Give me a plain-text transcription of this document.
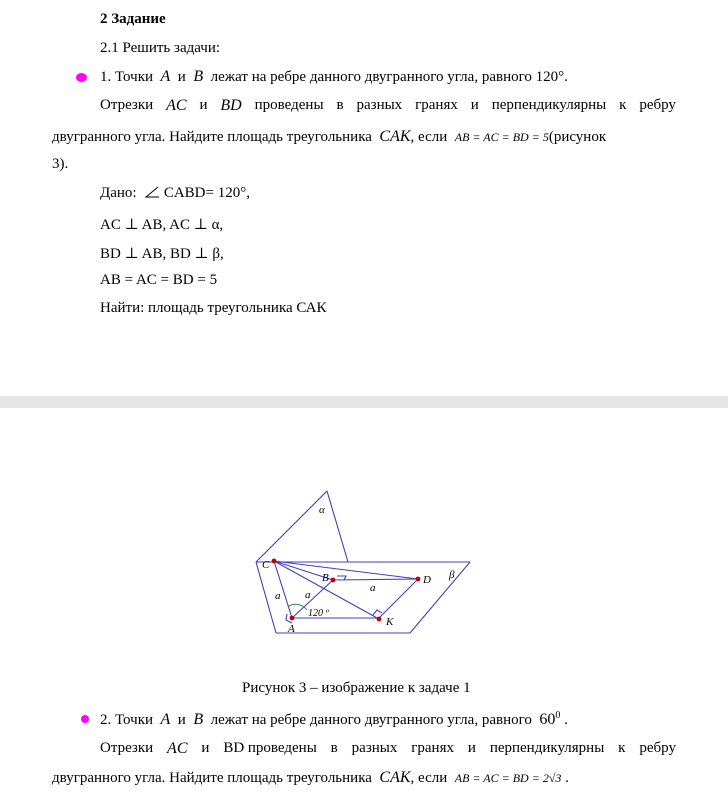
2 Задание
2.1 Решить задачи:
1. Точки A и B лежат на ребре данного двугранного угла, равного 120°.
Отрезки AC и BD проведены в разных гранях и перпендикулярны к ребру
двугранного угла. Найдите площадь треугольника CAK, если AB = AC = BD = 5(рисунок
3).
Дано: CABD= 120°,
AC ⊥ AB, AC ⊥ α,
BD ⊥ AB, BD ⊥ β,
AB = AC = BD = 5
Найти: площадь треугольника САК
α
β
C
B	D
A
K
a a
a
120 º
Рисунок 3 – изображение к задаче 1
2. Точки A и B лежат на ребре данного двугранного угла, равного $60^0$ .
Отрезки AC и BD проведены в разных гранях и перпендикулярны к ребру
двугранного угла. Найдите площадь треугольника CAK, если AB = AC = BD = 2√3 .
